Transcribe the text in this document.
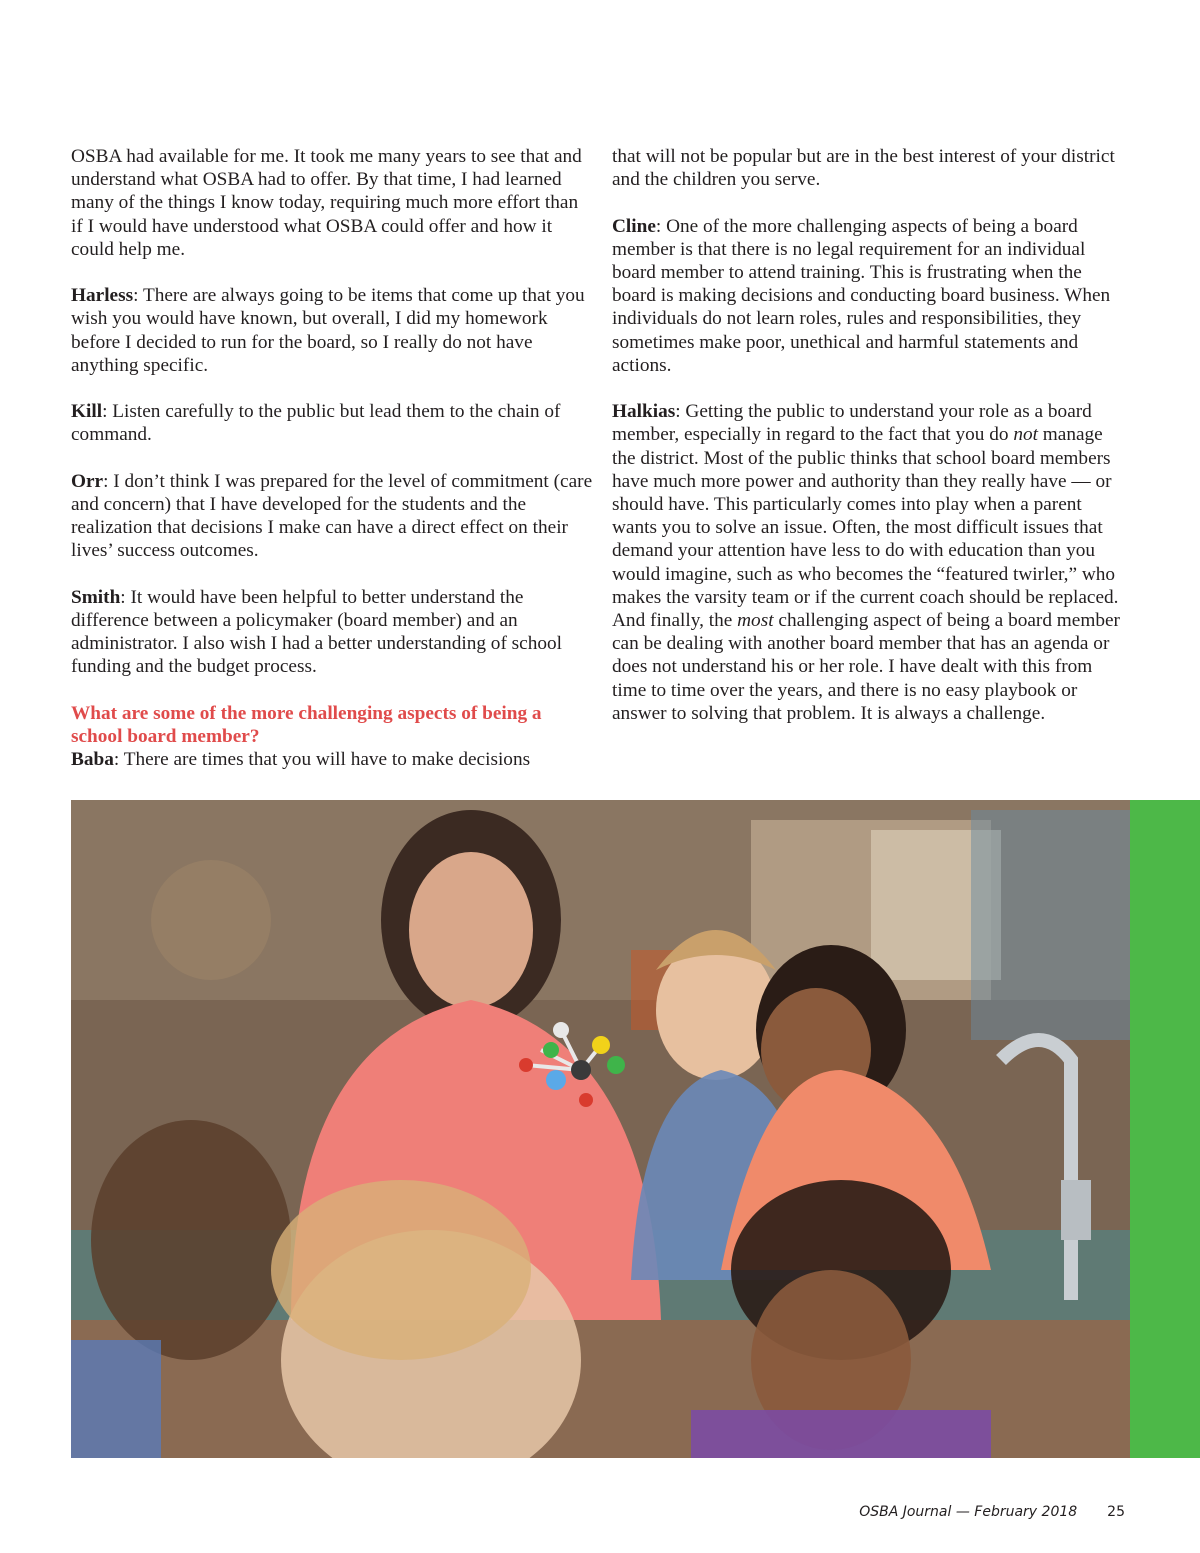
OSBA had available for me. It took me many years to see that and understand what OSBA had to offer. By that time, I had learned many of the things I know today, requiring much more effort than if I would have understood what OSBA could offer and how it could help me.

Harless: There are always going to be items that come up that you wish you would have known, but overall, I did my homework before I decided to run for the board, so I really do not have anything specific.

Kill: Listen carefully to the public but lead them to the chain of command.

Orr: I don’t think I was prepared for the level of commitment (care and concern) that I have developed for the students and the realization that decisions I make can have a direct effect on their lives’ success outcomes.

Smith: It would have been helpful to better understand the difference between a policymaker (board member) and an administrator. I also wish I had a better understanding of school funding and the budget process.

What are some of the more challenging aspects of being a school board member?

Baba: There are times that you will have to make decisions

that will not be popular but are in the best interest of your district and the children you serve.

Cline: One of the more challenging aspects of being a board member is that there is no legal requirement for an individual board member to attend training. This is frustrating when the board is making decisions and conducting board business. When individuals do not learn roles, rules and responsibilities, they sometimes make poor, unethical and harmful statements and actions.

Halkias: Getting the public to understand your role as a board member, especially in regard to the fact that you do not manage the district. Most of the public thinks that school board members have much more power and authority than they really have — or should have. This particularly comes into play when a parent wants you to solve an issue. Often, the most difficult issues that demand your attention have less to do with education than you would imagine, such as who becomes the “featured twirler,” who makes the varsity team or if the current coach should be replaced. And finally, the most challenging aspect of being a board member can be dealing with another board member that has an agenda or does not understand his or her role. I have dealt with this from time to time over the years, and there is no easy playbook or answer to solving that problem. It is always a challenge.

OSBA Journal — February 2018 25
